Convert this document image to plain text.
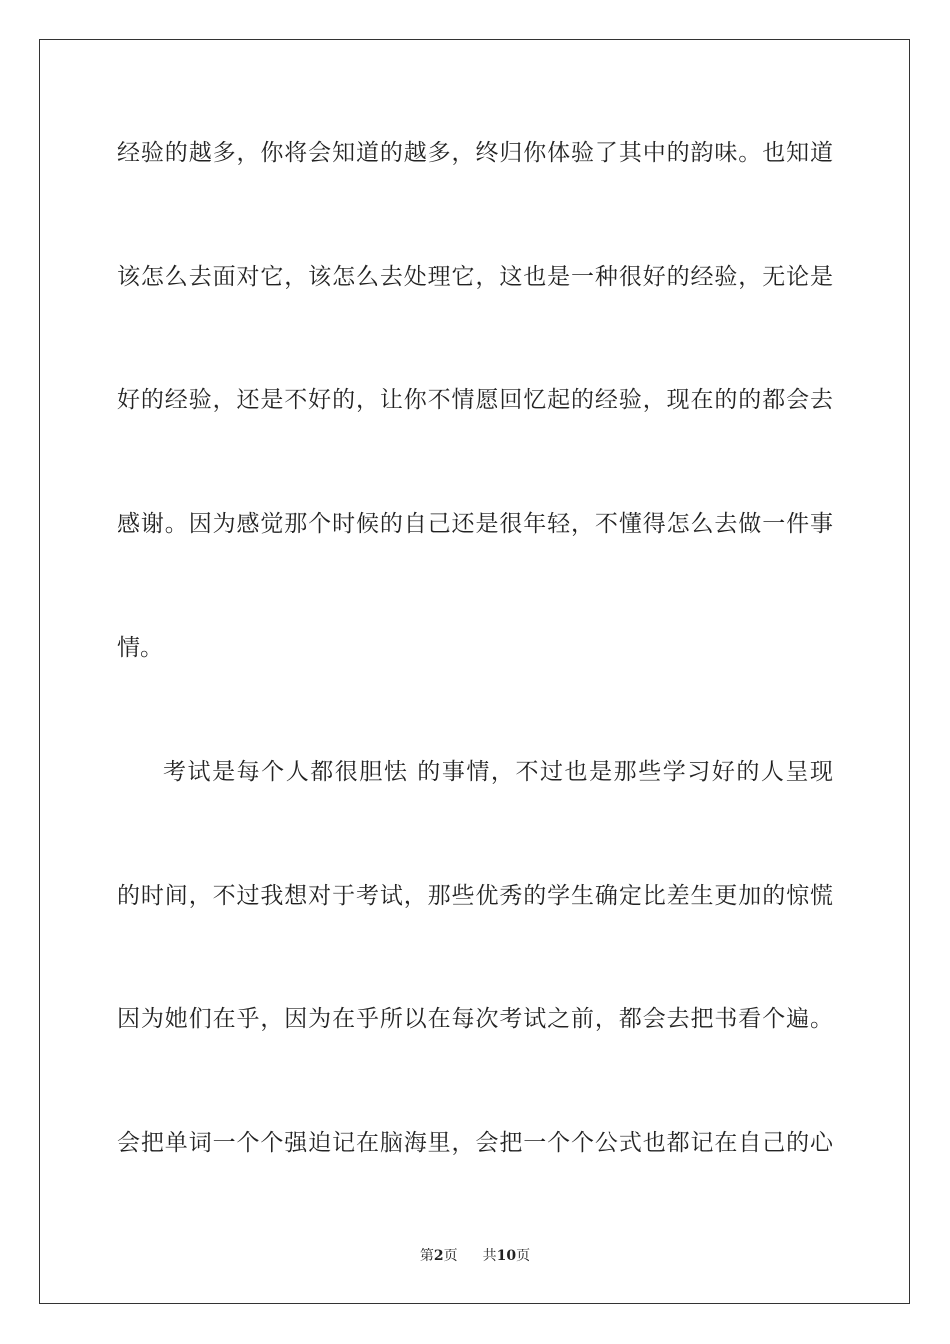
经验的越多，你将会知道的越多，终归你体验了其中的韵味。也知道
该怎么去面对它，该怎么去处理它，这也是一种很好的经验，无论是
好的经验，还是不好的，让你不情愿回忆起的经验，现在的的都会去
感谢。因为感觉那个时候的自己还是很年轻，不懂得怎么去做一件事
情。
考试是每个人都很胆怯 的事情，不过也是那些学习好的人呈现
的时间，不过我想对于考试，那些优秀的学生确定比差生更加的惊慌
因为她们在乎，因为在乎所以在每次考试之前，都会去把书看个遍。
会把单词一个个强迫记在脑海里，会把一个个公式也都记在自己的心
第2页 共10页
